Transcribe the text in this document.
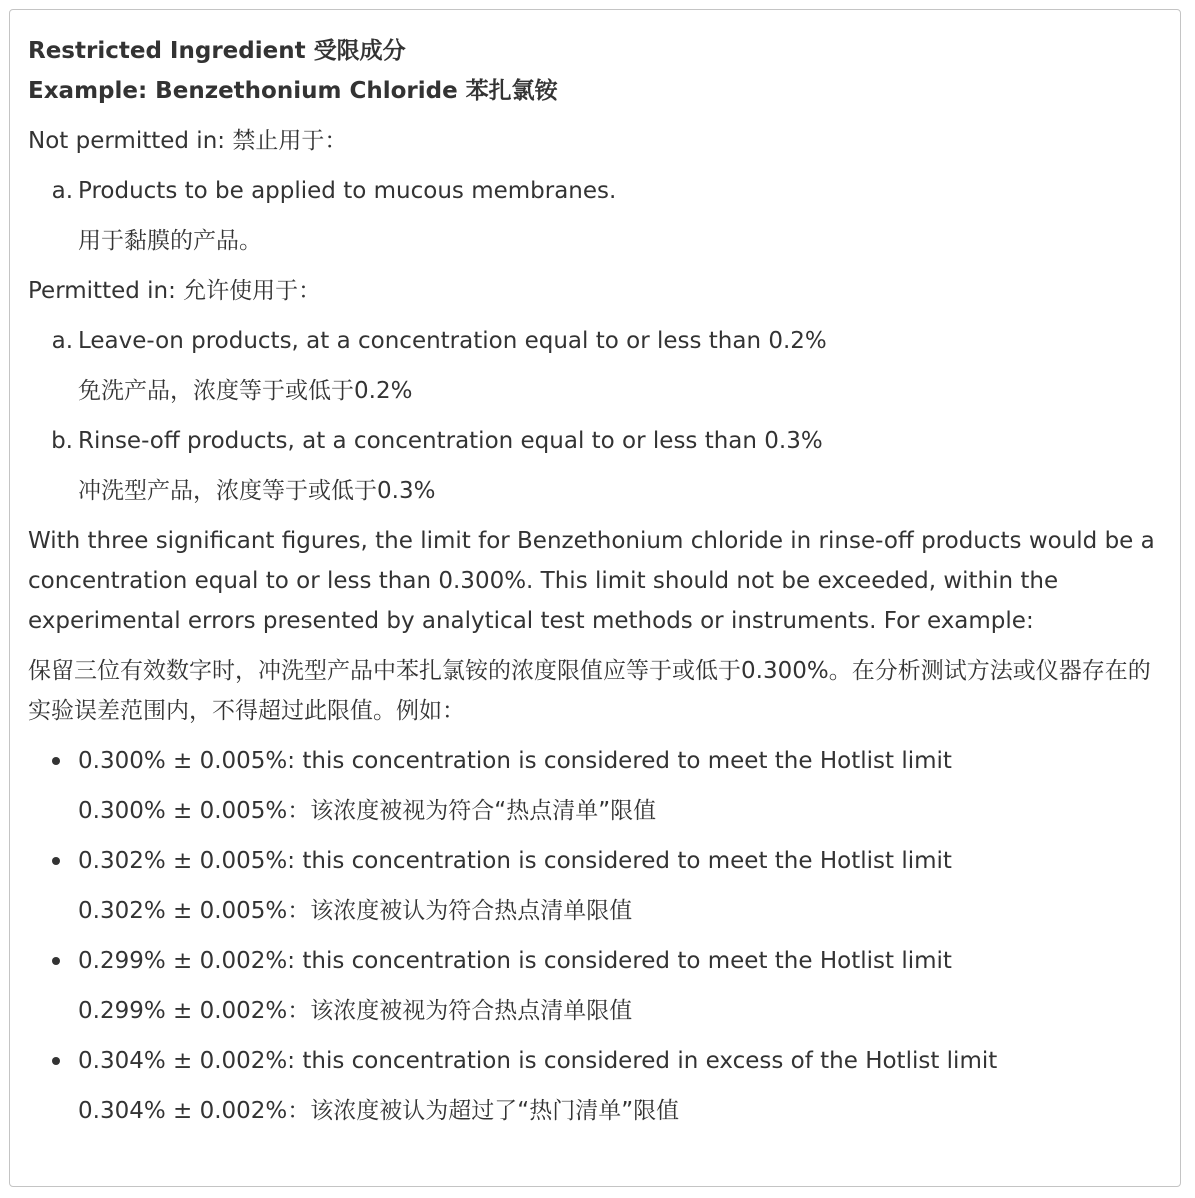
Restricted Ingredient 受限成分

Example: Benzethonium Chloride 苯扎氯铵

Not permitted in: 禁止用于：

a. Products to be applied to mucous membranes.

用于黏膜的产品。

Permitted in: 允许使用于：

a. Leave-on products, at a concentration equal to or less than 0.2%

免洗产品，浓度等于或低于0.2%

b. Rinse-off products, at a concentration equal to or less than 0.3%

冲洗型产品，浓度等于或低于0.3%

With three significant figures, the limit for Benzethonium chloride in rinse-off products would be a concentration equal to or less than 0.300%. This limit should not be exceeded, within the experimental errors presented by analytical test methods or instruments. For example:

保留三位有效数字时，冲洗型产品中苯扎氯铵的浓度限值应等于或低于0.300%。在分析测试方法或仪器存在的实验误差范围内，不得超过此限值。例如：

0.300% ± 0.005%: this concentration is considered to meet the Hotlist limit

0.300% ± 0.005%：该浓度被视为符合“热点清单”限值

0.302% ± 0.005%: this concentration is considered to meet the Hotlist limit

0.302% ± 0.005%：该浓度被认为符合热点清单限值

0.299% ± 0.002%: this concentration is considered to meet the Hotlist limit

0.299% ± 0.002%：该浓度被视为符合热点清单限值

0.304% ± 0.002%: this concentration is considered in excess of the Hotlist limit

0.304% ± 0.002%：该浓度被认为超过了“热门清单”限值
